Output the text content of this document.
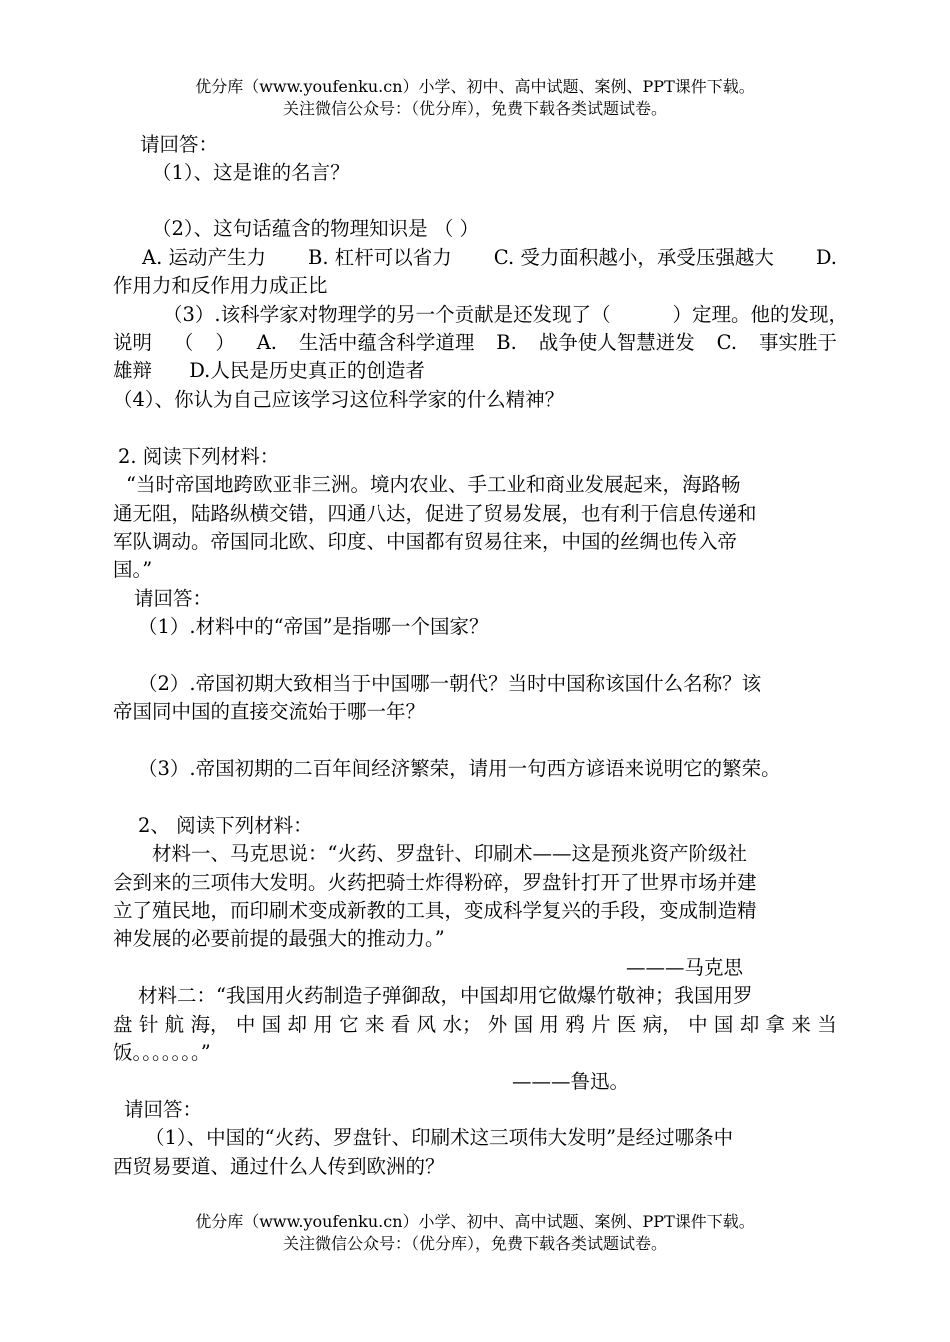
优分库（www.youfenku.cn）小学、初中、高中试题、案例、PPT课件下载。
关注微信公众号：（优分库），免费下载各类试题试卷。
请回答：
（1）、这是谁的名言？
（2）、这句话蕴含的物理知识是 （ ）
A. 运动产生力 B. 杠杆可以省力 C. 受力面积越小，承受压强越大 D.
作用力和反作用力成正比
（3）.该科学家对物理学的另一个贡献是还发现了（	）定理。他的发现，
说明 （ ） A. 生活中蕴含科学道理 B. 战争使人智慧迸发 C. 事实胜于
雄辩      D.人民是历史真正的创造者
（4）、你认为自己应该学习这位科学家的什么精神？
2. 阅读下列材料：
“当时帝国地跨欧亚非三洲。境内农业、手工业和商业发展起来，海路畅
通无阻，陆路纵横交错，四通八达，促进了贸易发展，也有利于信息传递和
军队调动。帝国同北欧、印度、中国都有贸易往来，中国的丝绸也传入帝
国。”
请回答：
（1）.材料中的“帝国”是指哪一个国家？
（2）.帝国初期大致相当于中国哪一朝代？当时中国称该国什么名称？该
帝国同中国的直接交流始于哪一年？
（3）.帝国初期的二百年间经济繁荣，请用一句西方谚语来说明它的繁荣。
2、 阅读下列材料：
材料一、马克思说：“火药、罗盘针、印刷术——这是预兆资产阶级社
会到来的三项伟大发明。火药把骑士炸得粉碎，罗盘针打开了世界市场并建
立了殖民地，而印刷术变成新教的工具，变成科学复兴的手段，变成制造精
神发展的必要前提的最强大的推动力。”
———马克思
材料二：“我国用火药制造子弹御敌，中国却用它做爆竹敬神；我国用罗
盘 针 航 海， 中 国 却 用 它 来 看 风 水； 外 国 用 鸦 片 医 病， 中 国 却 拿 来 当
饭。。。。。。。”
———鲁迅。
请回答：
（1）、中国的“火药、罗盘针、印刷术这三项伟大发明”是经过哪条中
西贸易要道、通过什么人传到欧洲的？
优分库（www.youfenku.cn）小学、初中、高中试题、案例、PPT课件下载。
关注微信公众号：（优分库），免费下载各类试题试卷。
